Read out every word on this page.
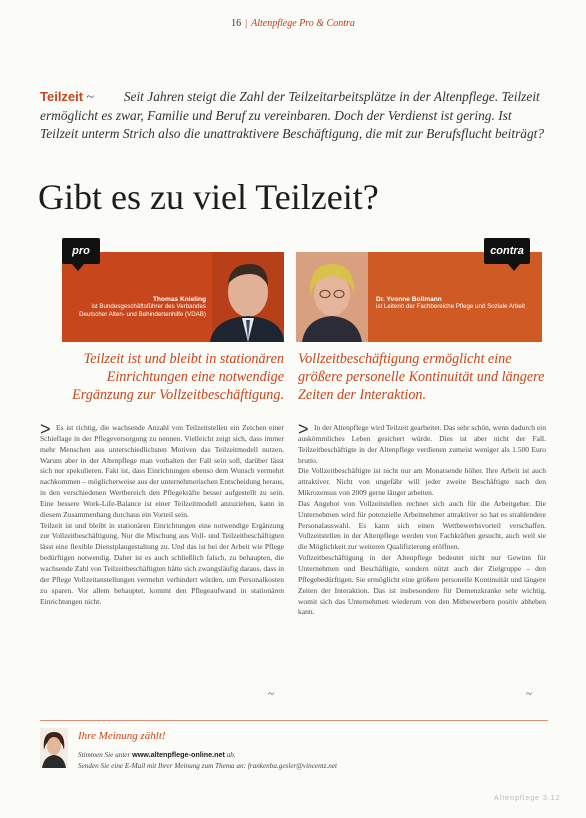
16 | Altenpflege Pro & Contra
Teilzeit ~ Seit Jahren steigt die Zahl der Teilzeitarbeitsplätze in der Altenpflege. Teilzeit ermöglicht es zwar, Familie und Beruf zu vereinbaren. Doch der Verdienst ist gering. Ist Teilzeit unterm Strich also die unattraktivere Beschäftigung, die mit zur Berufsflucht beiträgt?
Gibt es zu viel Teilzeit?
Thomas Knieling
ist Bundesgeschäftsführer des Verbandes Deutscher Alten- und Behindertenhilfe (VDAB)
pro
Dr. Yvonne Bollmann
ist Leiterin der Fachbereiche Pflege und Soziale Arbeit
contra
Teilzeit ist und bleibt in stationären Einrichtungen eine notwendige Ergänzung zur Vollzeitbeschäftigung.
Vollzeitbeschäftigung ermöglicht eine größere personelle Kontinuität und längere Zeiten der Interaktion.
> Es ist richtig, die wachsende Anzahl von Teilzeitstellen ein Zeichen einer Schieflage in der Pflegeversorgung zu nennen. Vielleicht zeigt sich, dass immer mehr Menschen aus unterschiedlichsten Motiven das Teilzeitmodell nutzen. Warum aber in der Altenpflege man vorhalten der Fall sein soll, darüber lässt sich nur spekulieren. Fakt ist, dass Einrichtungen ebenso dem Wunsch vermehrt nachkommen – möglicherweise aus der unternehmerischen Entscheidung heraus, in den verschiedenen Wertbereich den Pflegekräfte besser aufgestellt zu sein. Eine bessere Work-Life-Balance ist einer Teilzeitmodell anzuziehen, kann in diesem Zusammenhang durchaus ein Vorteil sein.

Teilzeit ist und bleibt in stationären Einrichtungen eine notwendige Ergänzung zur Vollzeitbeschäftigung. Nur die Mischung aus Voll- und Teilzeitbeschäftigten lässt eine flexible Dienstplangestaltung zu. Und das ist bei der Arbeit wie Pflege bedürftigen notwendig. Daher ist es auch schließlich falsch, zu behaupten, die wachsende Zahl von Teilzeitbeschäftigten hätte sich zwangsläufig daraus, dass in der Pflege Vollzeitanstellungen vermehrt verhindert würden, um Personalkosten zu sparen. Vor allem behauptet, kommt den Pflegeaufwand in stationären Einrichtungen nicht.

~
> In der Altenpflege wird Teilzeit gearbeitet. Das sehr schön, wenn dadurch ein auskömmliches Leben gesichert würde. Dies ist aber nicht der Fall. Teilzeitbeschäftigte in der Altenpflege verdienen zumeist weniger als 1.500 Euro brutto.

Die Vollzeitbeschäftigte ist nicht nur am Monatsende höher. Ihre Arbeit ist auch attraktiver. Nicht von ungefähr will jeder zweite Beschäftigte nach den Mikrozensus von 2009 gerne länger arbeiten.

Das Angebot von Vollzeitstellen rechnet sich auch für die Arbeitgeber. Die Unternehmen wird für potenzielle Arbeitnehmer attraktiver so hat es strahlendere Personalauswahl. Es kann sich einen Wettbewerbsvorteil verschaffen. Vollzeitstellen in der Altenpflege werden von Fachkräften gesucht, auch weil sie die Möglichkeit zur weiteren Qualifizierung eröffnen.

Vollzeitbeschäftigung in der Altenpflege bedeutet nicht nur Gewinn für Unternehmen und Beschäftigte, sondern nützt auch der Zielgruppe – den Pflegebedürftigen. Sie ermöglicht eine größere personelle Kontinuität und längere Zeiten der Interaktion. Das ist insbesondere für Demenzkranke sehr wichtig, womit sich das Unternehmen wiederum von den Mitbewerbern positiv abheben kann.

~
Ihre Meinung zählt!
Stimmen Sie unter www.altenpflege-online.net ab.
Senden Sie eine E-Mail mit Ihrer Meinung zum Thema an: frankenba.gesler@vincentz.net
Altenpflege 3.12
